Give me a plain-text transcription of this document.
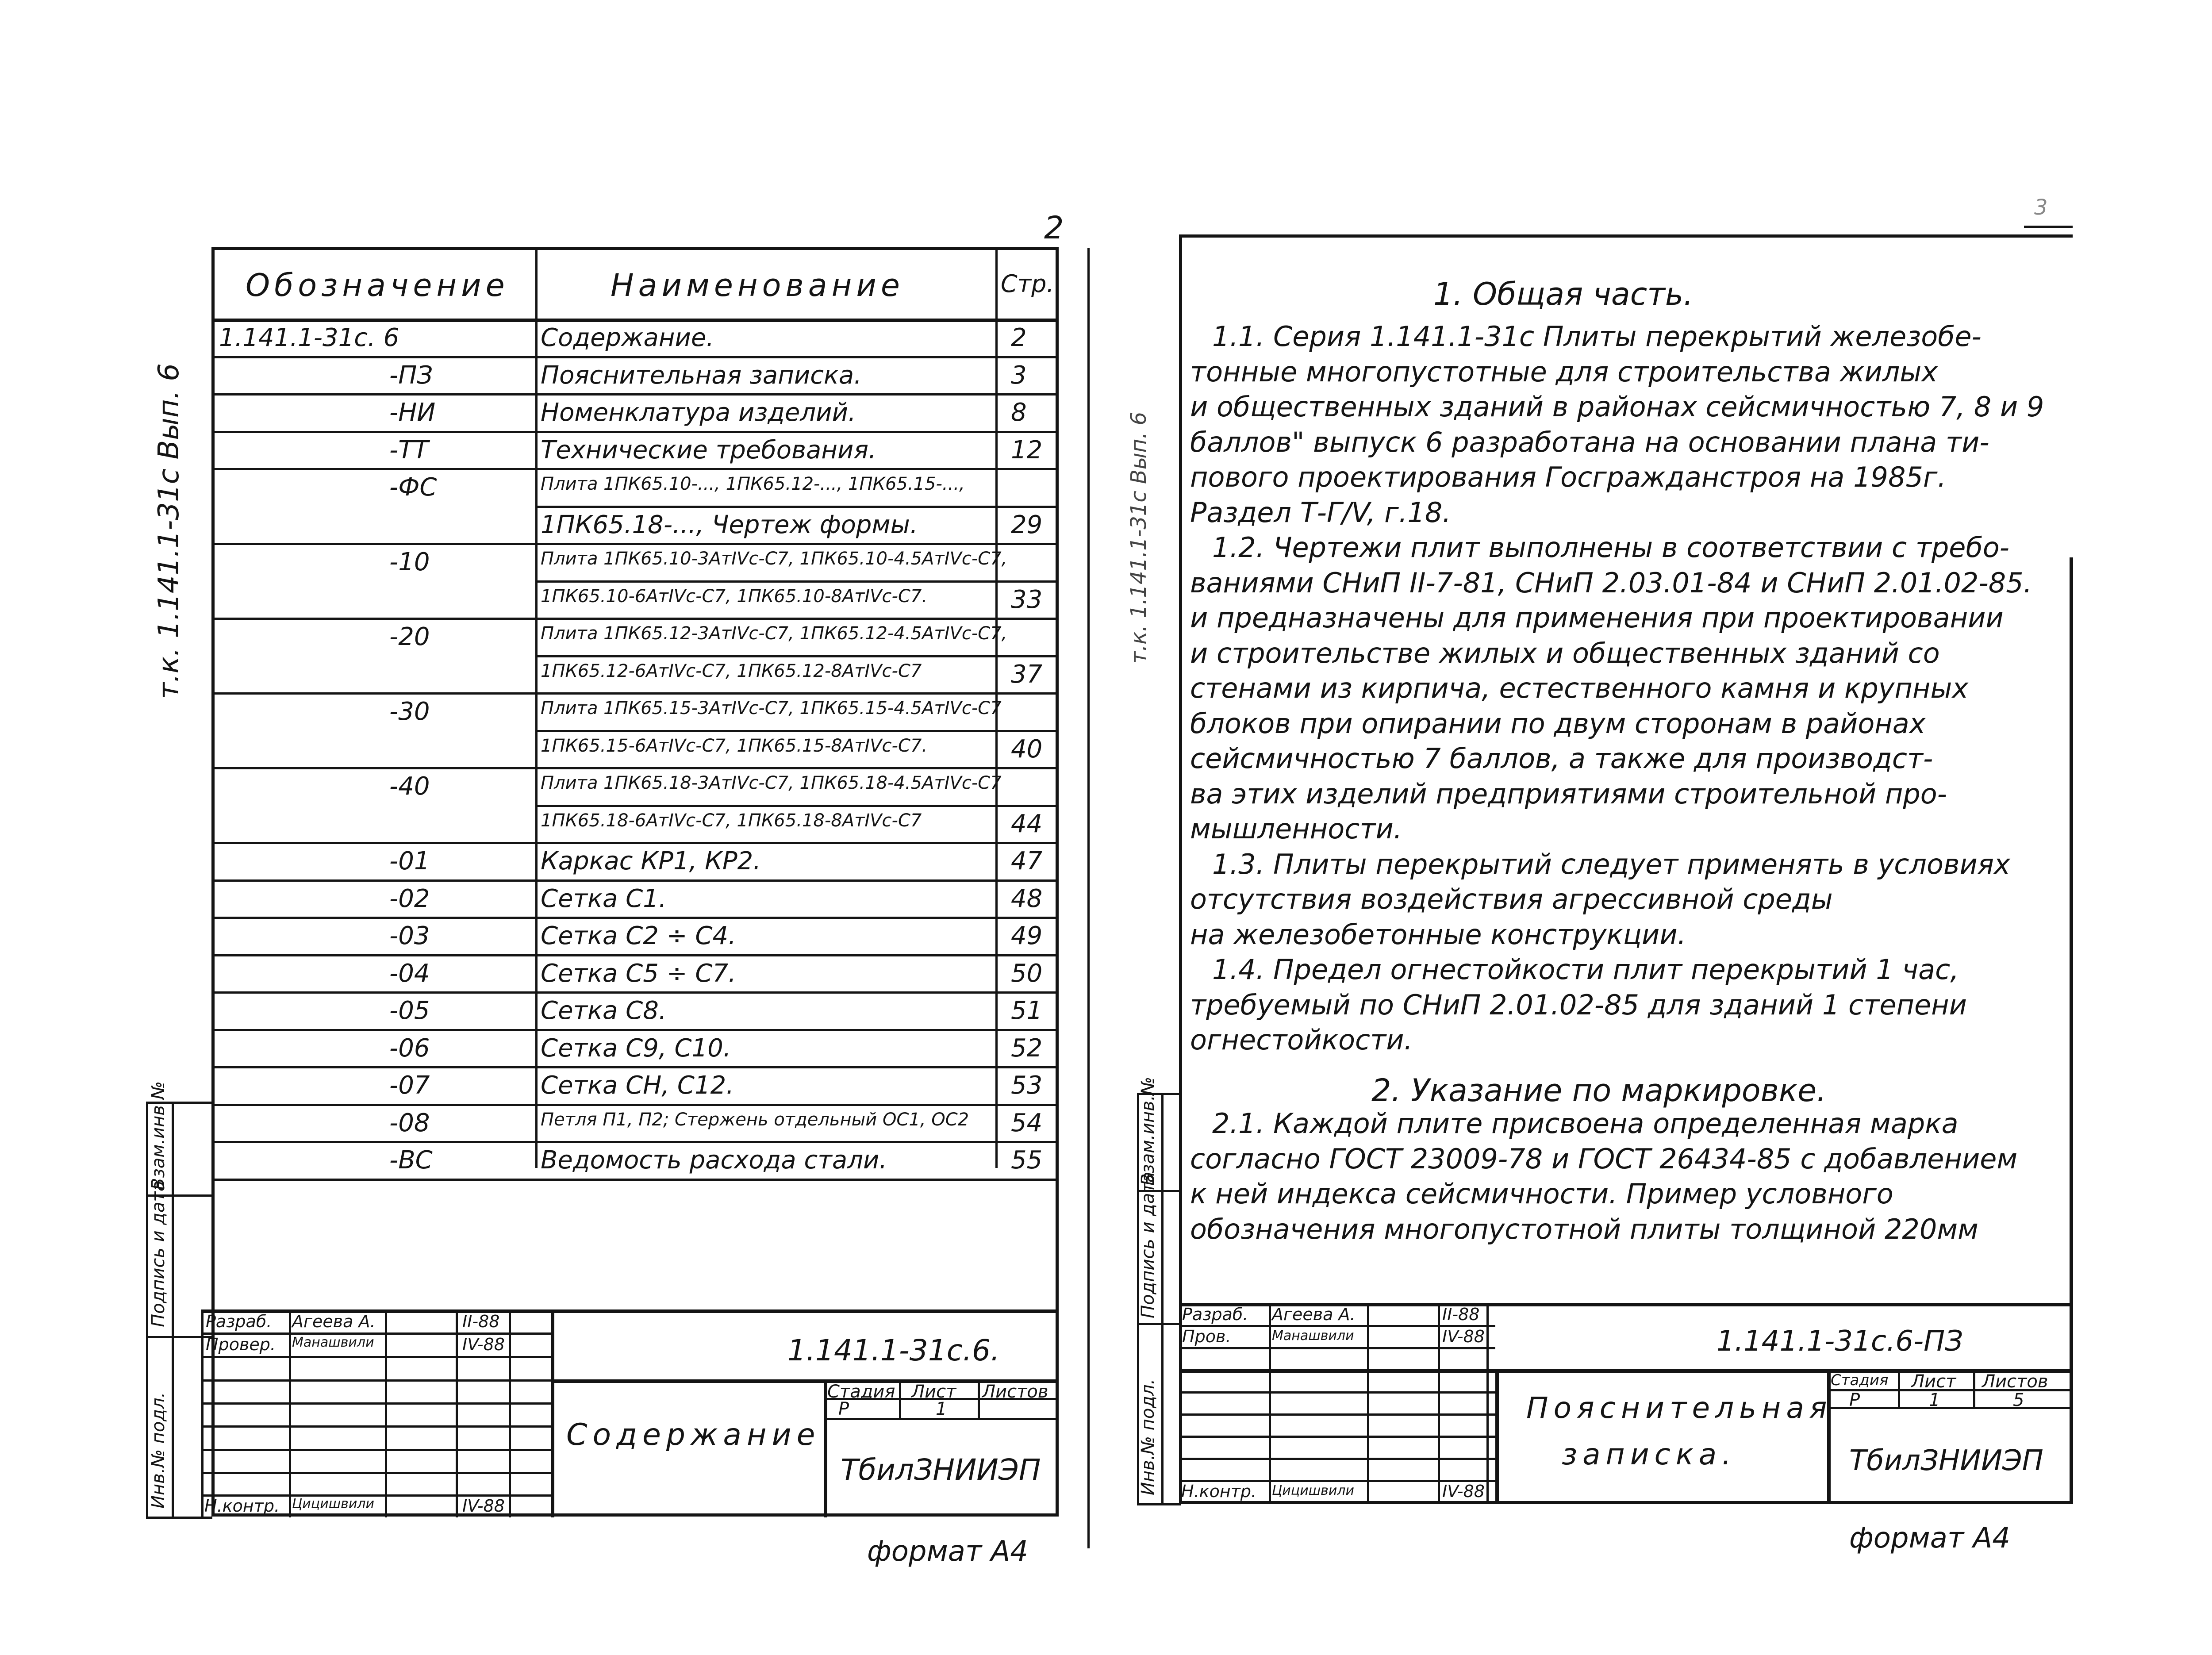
2
т.к. 1.141.1-31с Вып. 6
1.141.1-31с. 6	Содержание.	2
-ПЗ	Пояснительная записка.	3
-НИ	Номенклатура изделий.	8
-ТТ	Технические требования.	12
-ФС	Плита 1ПК65.10-..., 1ПК65.12-..., 1ПК65.15-...,
1ПК65.18-..., Чертеж формы.	29
-10	Плита 1ПК65.10-3АтIVс-С7, 1ПК65.10-4.5АтIVс-С7,
1ПК65.10-6АтIVс-С7, 1ПК65.10-8АтIVс-С7.	33
-20	Плита 1ПК65.12-3АтIVс-С7, 1ПК65.12-4.5АтIVс-С7,
1ПК65.12-6АтIVс-С7, 1ПК65.12-8АтIVс-С7	37
-30	Плита 1ПК65.15-3АтIVс-С7, 1ПК65.15-4.5АтIVс-С7
1ПК65.15-6АтIVс-С7, 1ПК65.15-8АтIVс-С7.	40
-40	Плита 1ПК65.18-3АтIVс-С7, 1ПК65.18-4.5АтIVс-С7
1ПК65.18-6АтIVс-С7, 1ПК65.18-8АтIVс-С7	44
-01	Каркас КР1, КР2.	47
-02	Сетка С1.	48
-03	Сетка С2 ÷ С4.	49
-04	Сетка С5 ÷ С7.	50
-05	Сетка С8.	51
-06	Сетка С9, С10.	52
-07	Сетка СН, С12.	53
-08	Петля П1, П2; Стержень отдельный ОС1, ОС2 54
-ВС	Ведомость расхода стали.	55
Обозначение	Наименование	Стр.
Инв.№ подл.
Подпись и дата
Взам.инв.№
Разраб. Агеева А.	II-88
Провер. Манашвили	IV-88
Н.контр. Цицишвили	IV-88
1.141.1-31с.6.
Содержание
Стадия Лист Листов
Р	1
ТбилЗНИИЭП
формат А4
3
т.к. 1.141.1-31с Вып. 6
1. Общая часть.
1.1. Серия 1.141.1-31с Плиты перекрытий железобе-
тонные многопустотные для строительства жилых
и общественных зданий в районах сейсмичностью 7, 8 и 9
баллов" выпуск 6 разработана на основании плана ти-
пового проектирования Госгражданстроя на 1985г.
Раздел Т-Г/V, г.18.
1.2. Чертежи плит выполнены в соответствии с требо-
ваниями СНиП II-7-81, СНиП 2.03.01-84 и СНиП 2.01.02-85.
и предназначены для применения при проектировании
и строительстве жилых и общественных зданий со
стенами из кирпича, естественного камня и крупных
блоков при опирании по двум сторонам в районах
сейсмичностью 7 баллов, а также для производст-
ва этих изделий предприятиями строительной про-
мышленности.
1.3. Плиты перекрытий следует применять в условиях
отсутствия воздействия агрессивной среды
на железобетонные конструкции.
1.4. Предел огнестойкости плит перекрытий 1 час,
требуемый по СНиП 2.01.02-85 для зданий 1 степени
огнестойкости.
2. Указание по маркировке.
2.1. Каждой плите присвоена определенная марка
согласно ГОСТ 23009-78 и ГОСТ 26434-85 с добавлением
к ней индекса сейсмичности. Пример условного
обозначения многопустотной плиты толщиной 220мм
Инв.№ подл.
Подпись и дата
Взам.инв.№
Разраб. Агеева А.	II-88
Пров.	Манашвили	IV-88
Н.контр. Цицишвили	IV-88
1.141.1-31с.6-ПЗ
Пояснительная
записка.
Стадия Лист Листов
Р	1	5
ТбилЗНИИЭП
формат А4
